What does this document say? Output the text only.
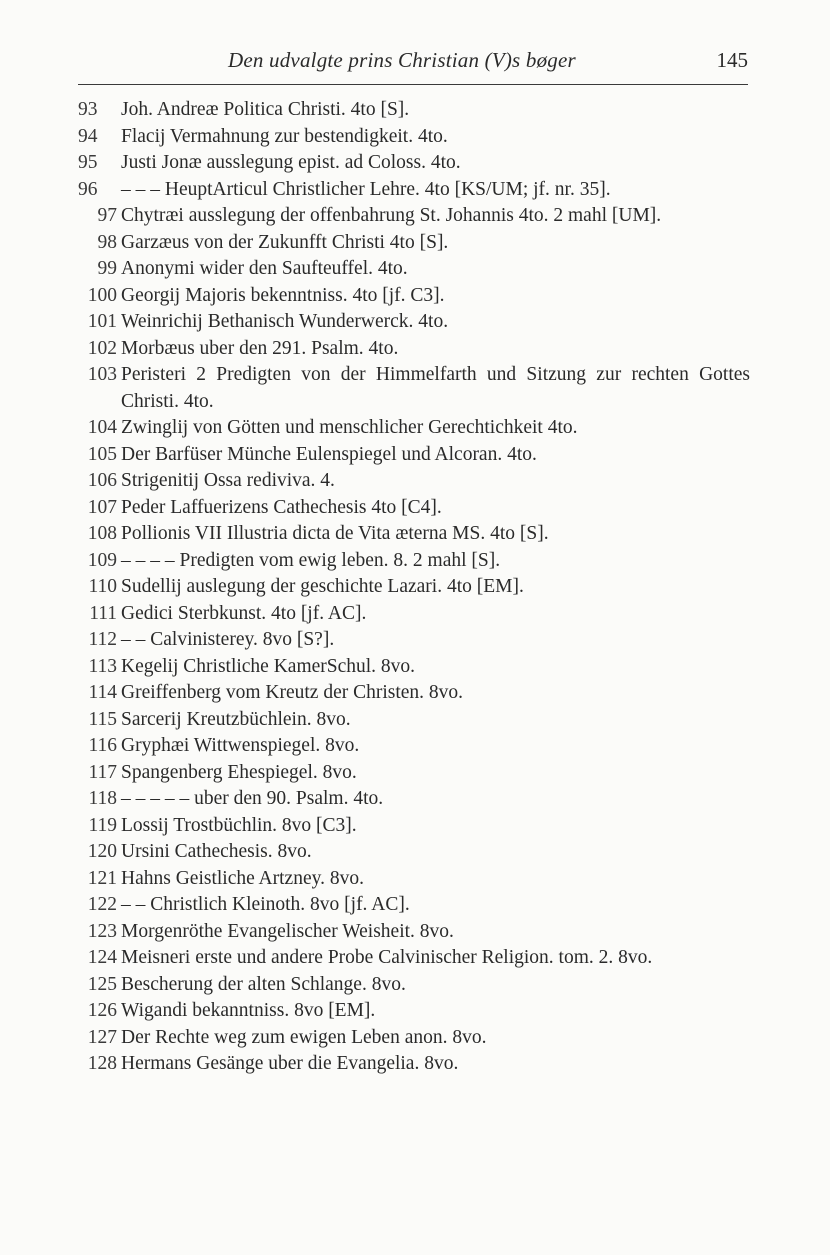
Den udvalgte prins Christian (V)s bøger	145
93	Joh. Andreæ Politica Christi. 4to [S].
94	Flacij Vermahnung zur bestendigkeit. 4to.
95	Justi Jonæ ausslegung epist. ad Coloss. 4to.
96	– – – HeuptArticul Christlicher Lehre. 4to [KS/UM; jf. nr. 35].
97 Chytræi ausslegung der offenbahrung St. Johannis 4to. 2 mahl [UM].
98 Garzæus von der Zukunfft Christi 4to [S].
99 Anonymi wider den Saufteuffel. 4to.
100 Georgij Majoris bekenntniss. 4to [jf. C3].
101 Weinrichij Bethanisch Wunderwerck. 4to.
102 Morbæus uber den 291. Psalm. 4to.
103 Peristeri 2 Predigten von der Himmelfarth und Sitzung zur rechten Gottes Christi. 4to.
104 Zwinglij von Götten und menschlicher Gerechtichkeit 4to.
105 Der Barfüser Münche Eulenspiegel und Alcoran. 4to.
106 Strigenitij Ossa rediviva. 4.
107 Peder Laffuerizens Cathechesis 4to [C4].
108 Pollionis VII Illustria dicta de Vita æterna MS. 4to [S].
109 – – – – Predigten vom ewig leben. 8. 2 mahl [S].
110 Sudellij auslegung der geschichte Lazari. 4to [EM].
111 Gedici Sterbkunst. 4to [jf. AC].
112 – – Calvinisterey. 8vo [S?].
113 Kegelij Christliche KamerSchul. 8vo.
114 Greiffenberg vom Kreutz der Christen. 8vo.
115 Sarcerij Kreutzbüchlein. 8vo.
116 Gryphæi Wittwenspiegel. 8vo.
117 Spangenberg Ehespiegel. 8vo.
118 – – – – – uber den 90. Psalm. 4to.
119 Lossij Trostbüchlin. 8vo [C3].
120 Ursini Cathechesis. 8vo.
121 Hahns Geistliche Artzney. 8vo.
122 – – Christlich Kleinoth. 8vo [jf. AC].
123 Morgenröthe Evangelischer Weisheit. 8vo.
124 Meisneri erste und andere Probe Calvinischer Religion. tom. 2. 8vo.
125 Bescherung der alten Schlange. 8vo.
126 Wigandi bekanntniss. 8vo [EM].
127 Der Rechte weg zum ewigen Leben anon. 8vo.
128 Hermans Gesänge uber die Evangelia. 8vo.
